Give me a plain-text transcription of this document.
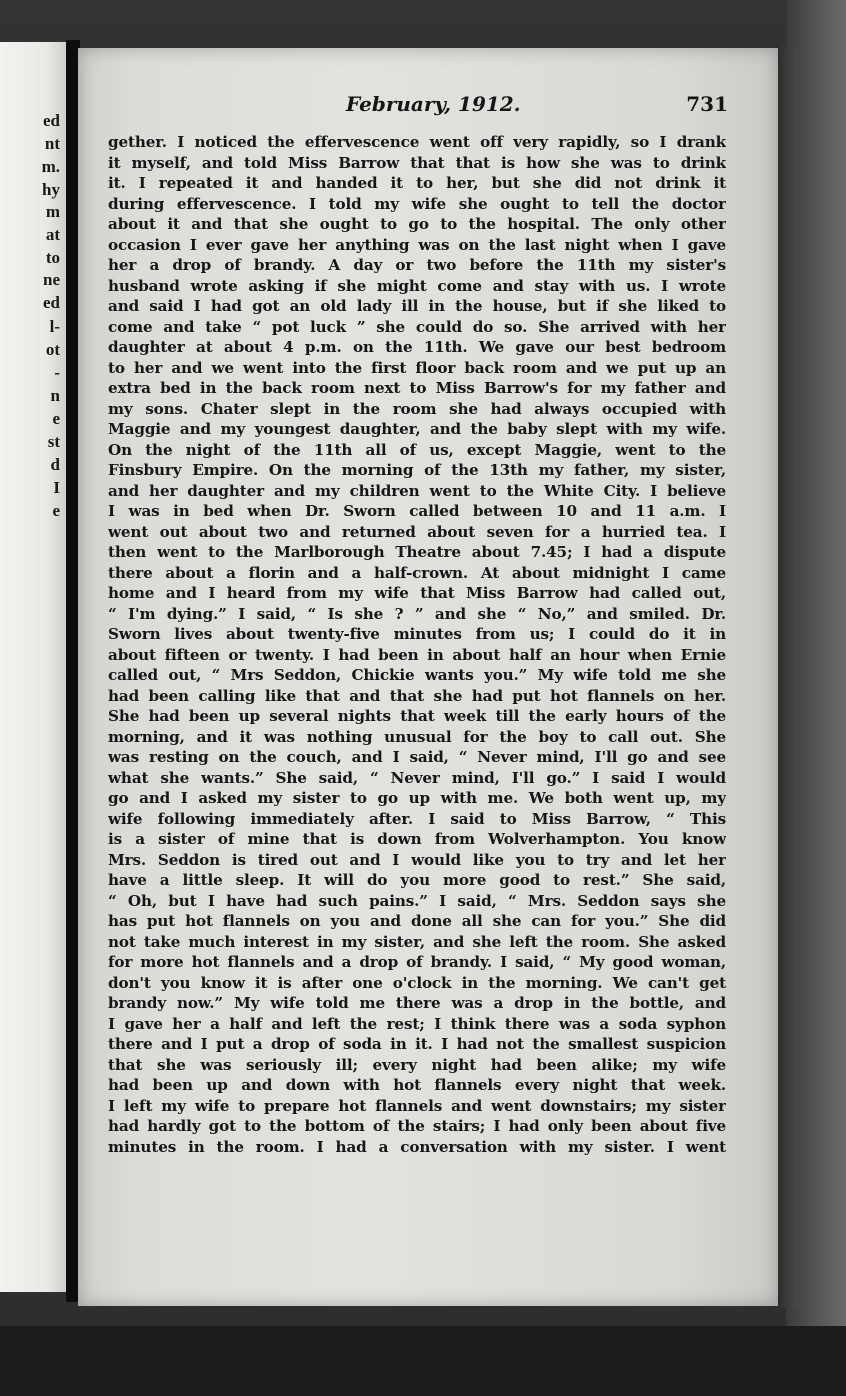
ed
nt
m.
hy
m
at
to
ne
ed
l-
ot
-
n
e
st
d
I
e
February, 1912.	731
gether. I noticed the effervescence went off very rapidly, so I drank
it myself, and told Miss Barrow that that is how she was to drink
it. I repeated it and handed it to her, but she did not drink it
during effervescence. I told my wife she ought to tell the doctor
about it and that she ought to go to the hospital. The only other
occasion I ever gave her anything was on the last night when I gave
her a drop of brandy. A day or two before the 11th my sister's
husband wrote asking if she might come and stay with us. I wrote
and said I had got an old lady ill in the house, but if she liked to
come and take “ pot luck ” she could do so. She arrived with her
daughter at about 4 p.m. on the 11th. We gave our best bedroom
to her and we went into the first floor back room and we put up an
extra bed in the back room next to Miss Barrow's for my father and
my sons. Chater slept in the room she had always occupied with
Maggie and my youngest daughter, and the baby slept with my wife.
On the night of the 11th all of us, except Maggie, went to the
Finsbury Empire. On the morning of the 13th my father, my sister,
and her daughter and my children went to the White City. I believe
I was in bed when Dr. Sworn called between 10 and 11 a.m. I
went out about two and returned about seven for a hurried tea. I
then went to the Marlborough Theatre about 7.45; I had a dispute
there about a florin and a half-crown. At about midnight I came
home and I heard from my wife that Miss Barrow had called out,
“ I'm dying.” I said, “ Is she ? ” and she “ No,” and smiled. Dr.
Sworn lives about twenty-five minutes from us; I could do it in
about fifteen or twenty. I had been in about half an hour when Ernie
called out, “ Mrs Seddon, Chickie wants you.” My wife told me she
had been calling like that and that she had put hot flannels on her.
She had been up several nights that week till the early hours of the
morning, and it was nothing unusual for the boy to call out. She
was resting on the couch, and I said, “ Never mind, I'll go and see
what she wants.” She said, “ Never mind, I'll go.” I said I would
go and I asked my sister to go up with me. We both went up, my
wife following immediately after. I said to Miss Barrow, “ This
is a sister of mine that is down from Wolverhampton. You know
Mrs. Seddon is tired out and I would like you to try and let her
have a little sleep. It will do you more good to rest.” She said,
“ Oh, but I have had such pains.” I said, “ Mrs. Seddon says she
has put hot flannels on you and done all she can for you.” She did
not take much interest in my sister, and she left the room. She asked
for more hot flannels and a drop of brandy. I said, “ My good woman,
don't you know it is after one o'clock in the morning. We can't get
brandy now.” My wife told me there was a drop in the bottle, and
I gave her a half and left the rest; I think there was a soda syphon
there and I put a drop of soda in it. I had not the smallest suspicion
that she was seriously ill; every night had been alike; my wife
had been up and down with hot flannels every night that week.
I left my wife to prepare hot flannels and went downstairs; my sister
had hardly got to the bottom of the stairs; I had only been about five
minutes in the room. I had a conversation with my sister. I went
